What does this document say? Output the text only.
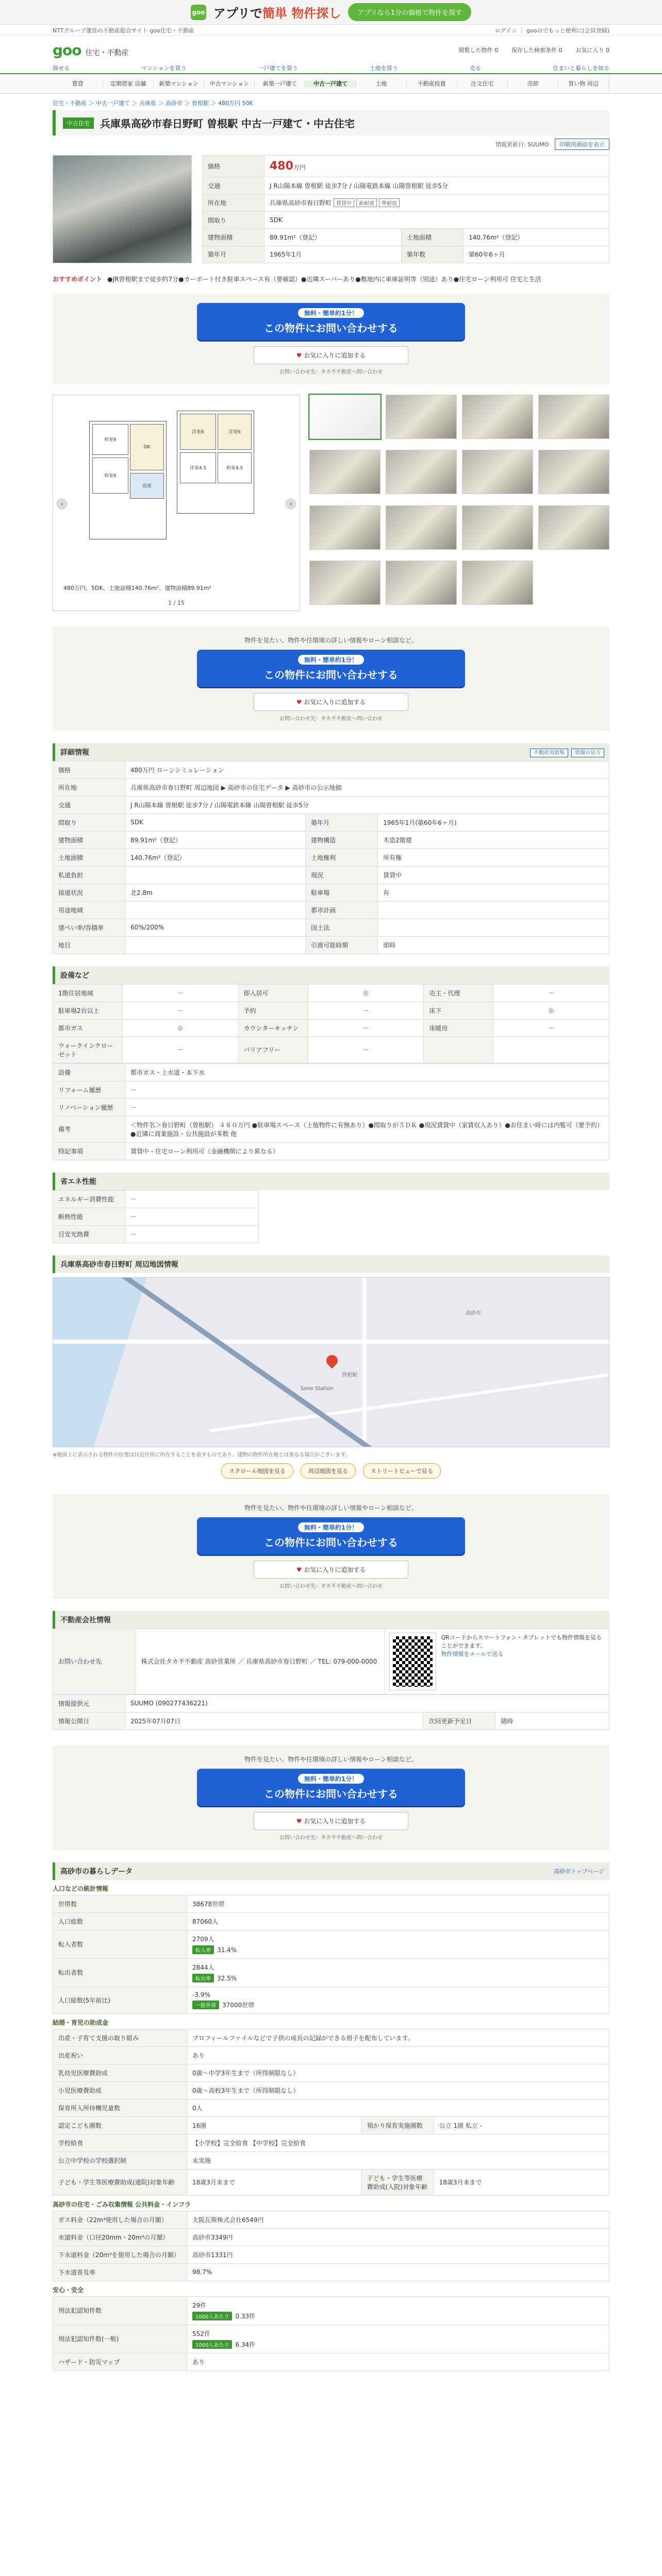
goo アプリで簡単 物件探し	アプリなら1分の価格で物件を探す
NTTグループ運営の不動産総合サイト goo住宅・不動産	ログイン ｜ gooのでもっと便利に(会員登録)
goo 住宅・不動産	閲覧した物件 0 保存した検索条件 0 お気に入り 0
探せる	マンションを買う	一戸建てを買う	土地を買う	売る	住まいと暮らしを知る
賃貸	定期借家 店舗	新築マンション	中古マンション	新築一戸建て	中古一戸建て	土地	不動産投資	注文住宅	売却	買い物 周辺
住宅・不動産 ＞ 中古一戸建て ＞ 兵庫県 ＞ 高砂市 ＞ 曽根駅 ＞ 480万円 50K
中古住宅	兵庫県高砂市春日野町 曽根駅 中古一戸建て・中古住宅
情報更新日: SUUMO 印刷用画面を表示
価格	480万円		
交通	J R山陽本線 曽根駅 徒歩7分 / 山陽電鉄本線 山陽曽根駅 徒歩5分		
所在地	兵庫県高砂市春日野町 賃貸中 新耐震 準耐震		
間取り	5DK		
建物面積	89.91m²（登記）	土地面積	140.76m²（登記）
築年月	1965年1月	築年数	築60年6ヶ月
おすすめポイント ●JR曽根駅まで徒歩約7分●カーポート付き駐車スペース有（要確認）●近隣スーパーあり●敷地内に車庫証明等（別途）あり●住宅ローン利用可 住宅と生活
無料・簡単約1分！
この物件にお問い合わせする
♥ お気に入りに追加する
お問い合わせ先：タカ不不動産へ問い合わせ
和室6
DK
和室6
浴室
洋室6	洋室6
洋室4.5	和室4.5
‹	›
480万円、5DK、土地面積140.76m²、建物面積89.91m²
1 / 15
物件を見たい、物件や住環境の詳しい情報やローン相談など。
無料・簡単約1分！
この物件にお問い合わせする
♥ お気に入りに追加する
お問い合わせ先：タカ不不動産へ問い合わせ
詳細情報	不動産用語集 情報の見方
価格	480万円 ローンシミュレーション		
所在地	兵庫県高砂市春日野町 周辺地図 ▶ 高砂市の住宅データ ▶ 高砂市の公示地価		
交通	J R山陽本線 曽根駅 徒歩7分 / 山陽電鉄本線 山陽曽根駅 徒歩5分		
間取り	5DK	築年月	1965年1月(築60年6ヶ月)
建物面積	89.91m²（登記）	建物構造	木造2階建
土地面積	140.76m²（登記）	土地権利	所有権
私道負担		現況	賃貸中
接道状況	北2.8m	駐車場	有
用途地域		都市計画	
建ぺい率/容積率	60%/200%	国土法	
地目		引渡可能時期	即時
設備など
1階住居地域	－	即入居可	◎	売主・代理	－
駐車場2台以上	－	予約	－	床下	◎
都市ガス	◎	カウンターキッチン	－	床暖房	－
ウォークインクローゼット	－	バリアフリー	－		
設備	都市ガス・上水道・本下水
リフォーム履歴	－
リノベーション履歴	－
備考	＜物件名＞春日野町（曽根駅） ４８０万円 ●駐車場スペース（上他物件に有無あり）●間取りが５ＤＫ ●現況賃貸中（家賃収入あり）●お住まい時には内覧可（要予約）●近隣に商業施設・公共施設が多数 他
特記事項	賃貸中 - 住宅ローン利用可（金融機関により異なる）
省エネ性能
エネルギー消費性能	－
断熱性能	－
目安光熱費	－
兵庫県高砂市春日野町 周辺地図情報
曽根駅
高砂市
Sone Station
※地図上に表示される物件の位置は付近住所に所在することを表すものであり、建物の物件所在地とは異なる場合がございます。
スクロール地図を見る	周辺地図を見る	ストリートビューで見る
物件を見たい、物件や住環境の詳しい情報やローン相談など。
無料・簡単約1分！
この物件にお問い合わせする
♥ お気に入りに追加する
お問い合わせ先：タカ不不動産へ問い合わせ
不動産会社情報
お問い合わせ先	株式会社タカ不不動産 高砂営業所 ／ 兵庫県高砂市春日野町 ／ TEL: 079-000-0000	
QRコードからスマートフォン・タブレットでも物件情報を見ることができます。
物件情報をメールで送る
情報提供元	SUUMO (090277436221)		
情報公開日	2025年07月07日	次回更新予定日	随時
物件を見たい、物件や住環境の詳しい情報やローン相談など。
無料・簡単約1分！
この物件にお問い合わせする
♥ お気に入りに追加する
お問い合わせ先：タカ不不動産へ問い合わせ
高砂市の暮らしデータ	高砂市トップページ
人口などの統計情報
世帯数	38678世帯

人口総数	87060人

転入者数	2709人
転入率 31.4%

転出者数	2844人
転出率 32.5%

人口総数(5年前比)	-3.9%
一般世帯 37000世帯
結婚・育児の助成金
出産・子育て支援の取り組み	プロフィールファイルなどで子供の成長の記録ができる冊子を配布しています。		

出産祝い	あり		

乳幼児医療費助成	0歳〜中学3年生まで（所得制限なし）		

小児医療費助成	0歳〜高校3年生まで（所得制限なし）		

保育所入所待機児童数	0人		

認定こども園数	16園	預かり保育実施園数	公立 1園 私立 -
学校給食	【小学校】完全給食 【中学校】完全給食		

公立中学校の学校選択制	未実施		

子ども・学生等医療費助成(通院)対象年齢	18歳3月末まで	子ども・学生等医療費助成(入院)対象年齢	18歳3月末まで
高砂市の住宅・ごみ収集情報 公共料金・インフラ
ガス料金（22m³使用した場合の月額）	大阪瓦斯株式会社6549円

水道料金（口径20mm・20m³の月額）	高砂市3349円

下水道料金（20m³を使用した場合の月額）	高砂市1331円

下水道普及率	98.7%
安心・安全
刑法犯認知件数	29件
1000人あたり 0.33件

刑法犯認知件数(一般)	552件
1000人あたり 6.34件

ハザード・防災マップ	あり
